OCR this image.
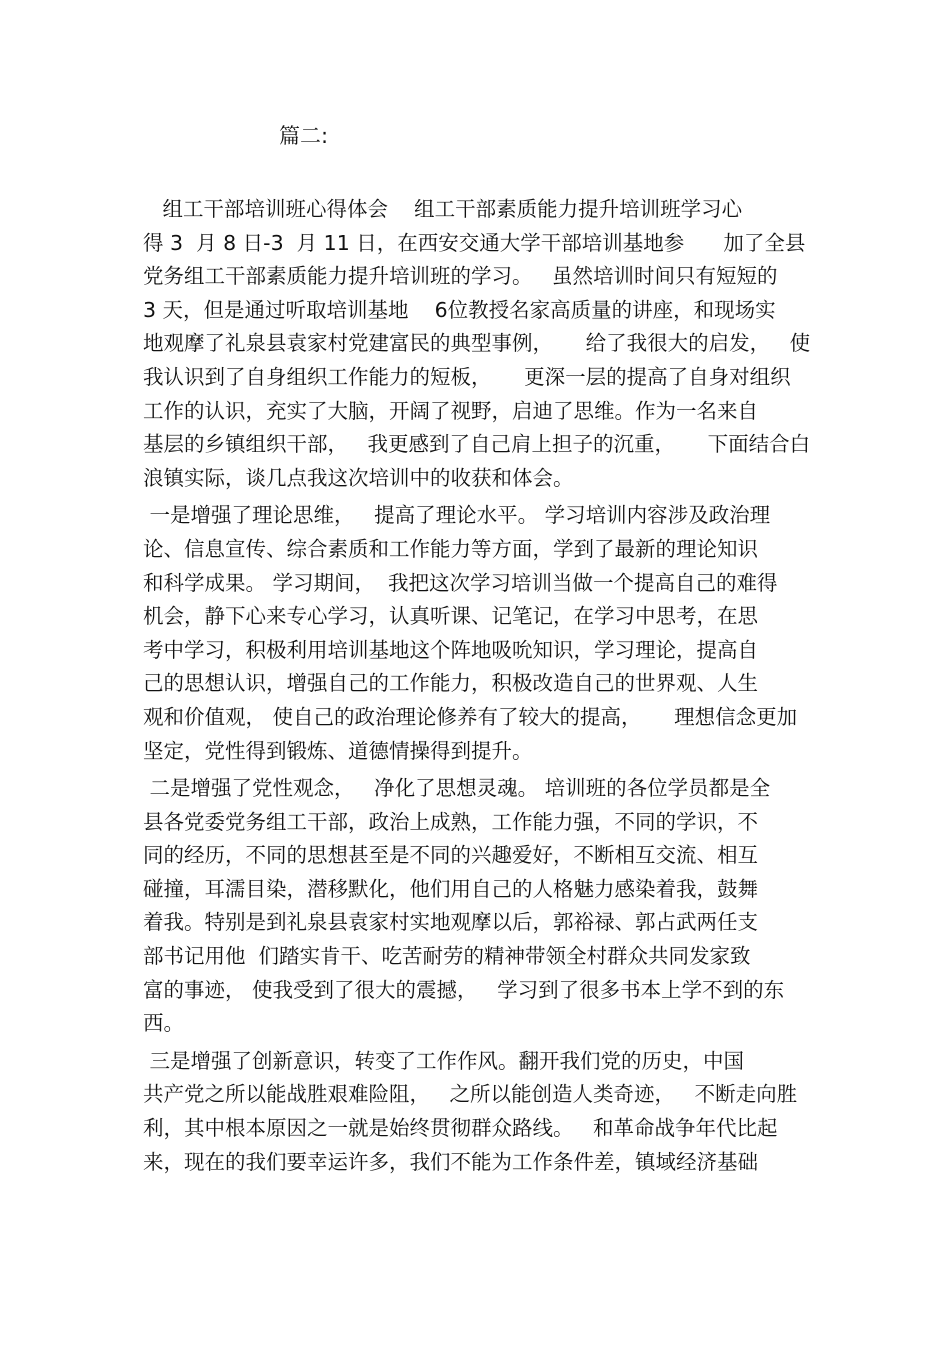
篇二:
组工干部培训班心得体会    组工干部素质能力提升培训班学习心
得 3  月 8 日-3  月 11 日，在西安交通大学干部培训基地参      加了全县
党务组工干部素质能力提升培训班的学习。   虽然培训时间只有短短的
3 天，但是通过听取培训基地    6位教授名家高质量的讲座，和现场实
地观摩了礼泉县袁家村党建富民的典型事例，     给了我很大的启发，   使
我认识到了自身组织工作能力的短板，     更深一层的提高了自身对组织
工作的认识，充实了大脑，开阔了视野，启迪了思维。作为一名来自
基层的乡镇组织干部，   我更感到了自己肩上担子的沉重，     下面结合白
浪镇实际，谈几点我这次培训中的收获和体会。
一是增强了理论思维，   提高了理论水平。 学习培训内容涉及政治理
论、信息宣传、综合素质和工作能力等方面，学到了最新的理论知识
和科学成果。 学习期间，  我把这次学习培训当做一个提高自己的难得
机会，静下心来专心学习，认真听课、记笔记，在学习中思考，在思
考中学习，积极利用培训基地这个阵地吸吮知识，学习理论，提高自
己的思想认识，增强自己的工作能力，积极改造自己的世界观、人生
观和价值观， 使自己的政治理论修养有了较大的提高，     理想信念更加
坚定，党性得到锻炼、道德情操得到提升。
二是增强了党性观念，   净化了思想灵魂。 培训班的各位学员都是全
县各党委党务组工干部，政治上成熟，工作能力强，不同的学识，不
同的经历，不同的思想甚至是不同的兴趣爱好，不断相互交流、相互
碰撞，耳濡目染，潜移默化，他们用自己的人格魅力感染着我，鼓舞
着我。特别是到礼泉县袁家村实地观摩以后，郭裕禄、郭占武两任支
部书记用他  们踏实肯干、吃苦耐劳的精神带领全村群众共同发家致
富的事迹， 使我受到了很大的震撼，   学习到了很多书本上学不到的东
西。
三是增强了创新意识，转变了工作作风。翻开我们党的历史，中国
共产党之所以能战胜艰难险阻，   之所以能创造人类奇迹，   不断走向胜
利，其中根本原因之一就是始终贯彻群众路线。   和革命战争年代比起
来，现在的我们要幸运许多，我们不能为工作条件差，镇域经济基础
